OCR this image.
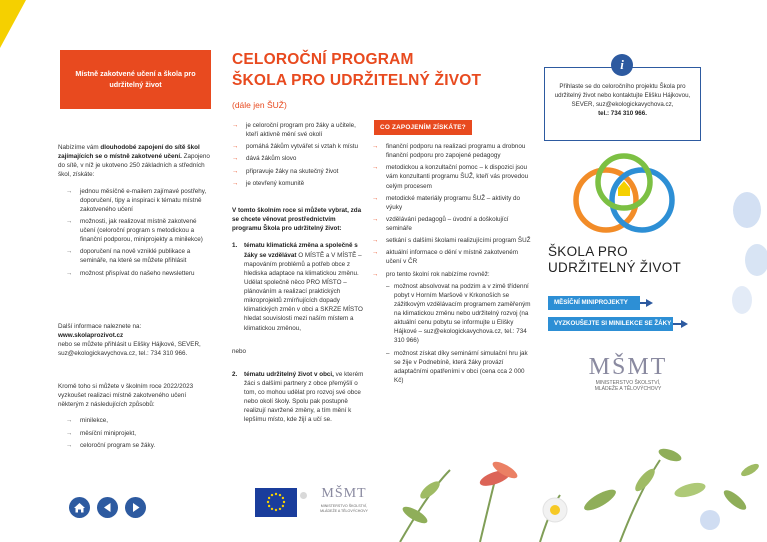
Místně zakotvené učení a škola pro udržitelný život

Nabízíme vám dlouhodobé zapojení do sítě škol zajímajících se o místně zakotvené učení. Zapojeno do sítě, v níž je ukotveno 250 základních a středních škol, získáte:

→ jednou měsíčně e-mailem zajímavé postřehy, doporučení, tipy a inspiraci k tématu místně zakotveného učení
→ možnosti, jak realizovat místně zakotvené učení (celoroční program s metodickou a finanční podporou, miniprojekty a minilekce)
→ doporučení na nově vzniklé publikace a semináře, na které se můžete přihlásit
→ možnost přispívat do našeho newsletteru
Další informace naleznete na:
www.skolaprozivot.cz
nebo se můžete přihlásit u Elišky Hájkové, SEVER, suz@ekologickavychova.cz, tel.: 734 310 966.

Kromě toho si můžete v školním roce 2022/2023 vyzkoušet realizaci místně zakotveného učení některým z následujících způsobů:

→ minilekce,
→ měsíční miniprojekt,
→ celoroční program se žáky.
CELOROČNÍ PROGRAM
ŠKOLA PRO UDRŽITELNÝ ŽIVOT
(dále jen ŠUŽ)
→ je celoroční program pro žáky a učitele, kteří aktivně mění své okolí
→ pomáhá žákům vytvářet si vztah k místu
→ dává žákům slovo
→ připravuje žáky na skutečný život
→ je otevřený komunitě

V tomto školním roce si můžete vybrat, zda se chcete věnovat prostřednictvím programu Škola pro udržitelný život:

1. tématu klimatická změna a společně s žáky se vzdělávat O MÍSTĚ a V MÍSTĚ – mapováním problémů a potřeb obce z hlediska adaptace na klimatickou změnu. Udělat společně něco PRO MÍSTO – plánováním a realizací praktických mikroprojektů zmírňujících dopady klimatických změn v obci a SKRZE MÍSTO hledat souvislosti mezi naším místem a klimatickou změnou,

nebo

2. tématu udržitelný život v obci, ve kterém žáci s dalšími partnery z obce přemýšlí o tom, co mohou udělat pro rozvoj své obce nebo okolí školy. Spolu pak postupně realizují navržené změny, a tím mění k lepšímu místo, kde žijí a učí se.
MŠMT
MINISTERSTVO ŠKOLSTVÍ,
MLÁDEŽE A TĚLOVÝCHOVY
CO ZAPOJENÍM ZÍSKÁTE?
→ finanční podporu na realizaci programu a drobnou finanční podporu pro zapojené pedagogy
→ metodickou a konzultační pomoc – k dispozici jsou vám konzultanti programu ŠUŽ, kteří vás provedou celým procesem
→ metodické materiály programu ŠUŽ – aktivity do výuky
→ vzdělávání pedagogů – úvodní a doškolující semináře
→ setkání s dalšími školami realizujícími program ŠUŽ
→ aktuální informace o dění v místně zakotveném učení v ČR
→ pro tento školní rok nabízíme rovněž:
– možnost absolvovat na podzim a v zimě třídenní pobyt v Horním Maršově v Krkonoších se zážitkovým vzdělávacím programem zaměřeným na klimatickou změnu nebo udržitelný rozvoj (na aktuální cenu pobytu se informujte u Elišky Hájkové – suz@ekologickavychova.cz, tel.: 734 310 966)
– možnost získat díky seminární simulační hru jak se žije v Podnebíně, která žáky provází adaptačními opatřeními v obci (cena cca 2 000 Kč)
Přihlaste se do celoročního projektu Škola pro udržitelný život nebo kontaktujte Elišku Hájkovou, SEVER, suz@ekologickavychova.cz,
tel.: 734 310 966.
i
ŠKOLA PRO
UDRŽITELNÝ ŽIVOT
MĚSÍČNÍ MINIPROJEKTY
VYZKOUŠEJTE SI MINILEKCE SE ŽÁKY
MŠMT
MINISTERSTVO ŠKOLSTVÍ,
MLÁDEŽE A TĚLOVÝCHOVY
